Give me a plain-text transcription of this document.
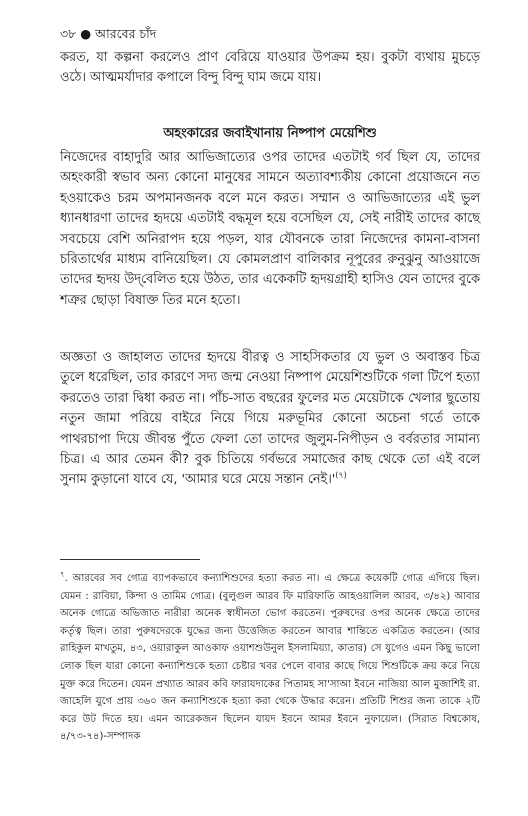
৩৮ ● আরবের চাঁদ

করত, যা কল্পনা করলেও প্রাণ বেরিয়ে যাওয়ার উপক্রম হয়। বুকটা ব্যথায় মুচড়ে ওঠে। আত্মমর্যাদার কপালে বিন্দু বিন্দু ঘাম জমে যায়।

অহংকারের জবাইখানায় নিষ্পাপ মেয়েশিশু

নিজেদের বাহাদুরি আর আভিজাত্যের ওপর তাদের এতটাই গর্ব ছিল যে, তাদের অহংকারী স্বভাব অন্য কোনো মানুষের সামনে অত্যাবশ্যকীয় কোনো প্রয়োজনে নত হওয়াকেও চরম অপমানজনক বলে মনে করত। সম্মান ও আভিজাত্যের এই ভুল ধ্যানধারণা তাদের হৃদয়ে এতটাই বদ্ধমূল হয়ে বসেছিল যে, সেই নারীই তাদের কাছে সবচেয়ে বেশি অনিরাপদ হয়ে পড়ল, যার যৌবনকে তারা নিজেদের কামনা-বাসনা চরিতার্থের মাধ্যম বানিয়েছিল। যে কোমলপ্রাণ বালিকার নূপুরের রুনুঝুনু আওয়াজে তাদের হৃদয় উদ্‌বেলিত হয়ে উঠত, তার একেকটি হৃদয়গ্রাহী হাসিও যেন তাদের বুকে শত্রুর ছোড়া বিষাক্ত তির মনে হতো।

অজ্ঞতা ও জাহালত তাদের হৃদয়ে বীরত্ব ও সাহসিকতার যে ভুল ও অবাস্তব চিত্র তুলে ধরেছিল, তার কারণে সদ্য জন্ম নেওয়া নিষ্পাপ মেয়েশিশুটিকে গলা টিপে হত্যা করতেও তারা দ্বিধা করত না। পাঁচ-সাত বছরের ফুলের মত মেয়েটাকে খেলার ছুতোয় নতুন জামা পরিয়ে বাইরে নিয়ে গিয়ে মরুভূমির কোনো অচেনা গর্তে তাকে পাথরচাপা দিয়ে জীবন্ত পুঁতে ফেলা তো তাদের জুলুম-নিপীড়ন ও বর্বরতার সামান্য চিত্র। এ আর তেমন কী? বুক চিতিয়ে গর্বভরে সমাজের কাছ থেকে তো এই বলে সুনাম কুড়ানো যাবে যে, 'আমার ঘরে মেয়ে সন্তান $নেই।'^{(৭)}$

$^৭$. আরবের সব গোত্র ব্যাপকভাবে কন্যাশিশুদের হত্যা করত না। এ ক্ষেত্রে কয়েকটি গোত্র এগিয়ে ছিল। যেমন : রাবিয়া, কিন্দা ও তামিম গোত্র। (বুলুগুল আরব ফি মারিফাতি আহওয়ালিল আরব, ৩/৪২) আবার অনেক গোত্রে অভিজাত নারীরা অনেক স্বাধীনতা ভোগ করতেন। পুরুষদের ওপর অনেক ক্ষেত্রে তাদের কর্তৃত্ব ছিল। তারা পুরুষদেরকে যুদ্ধের জন্য উত্তেজিত করতেন আবার শান্তিতে একত্রিত করতেন। (আর রাহিকুল মাখতুম, ৪৩, ওয়ারাকুল আওকাফ ওয়াশশুউনুল ইসলামিয়্যা, কাতার) সে যুগেও এমন কিছু ভালো লোক ছিল যারা কোনো কন্যাশিশুকে হত্যা চেষ্টার খবর পেলে বাবার কাছে গিয়ে শিশুটিকে ক্রয় করে নিয়ে মুক্ত করে দিতেন। যেমন প্রখ্যাত আরব কবি ফারাযদাকের পিতামহ সা'সাআ ইবনে নাজিয়া আল মুজাশিই রা. জাহেলি যুগে প্রায় ৩৬০ জন কন্যাশিশুকে হত্যা করা থেকে উদ্ধার করেন। প্রতিটি শিশুর জন্য তাকে ২টি করে উট দিতে হয়। এমন আরেকজন ছিলেন যায়দ ইবনে আমর ইবনে নুফায়েল। (সিরাত বিশ্বকোষ, ৪/৭৩-৭৪)-সম্পাদক
